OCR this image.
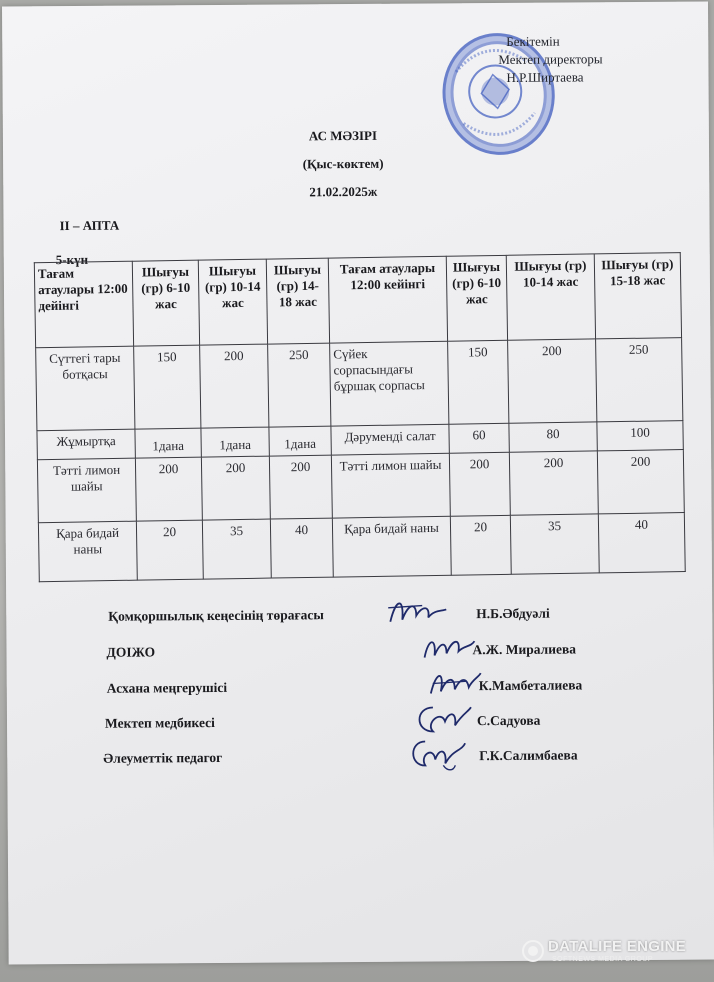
Бекітемін
Мектеп директоры
Н.Р.Ширтаева
АС МӘЗІРІ
(Қыс-көктем)
21.02.2025ж
II – АПТА
5-күн
Тағам атаулары 12:00 дейінгі	Шығуы (гр) 6-10 жас	Шығуы (гр) 10-14 жас	Шығуы (гр) 14-18 жас	Тағам атаулары 12:00 кейінгі	Шығуы (гр) 6-10 жас	Шығуы (гр) 10-14 жас	Шығуы (гр) 15-18 жас
Сүттегі тары ботқасы	150	200	250	Сүйек сорпасындағы бұршақ сорпасы	150	200	250
Жұмыртқа	1дана	1дана	1дана	Дәрумендi салат	60	80	100
Тәтті лимон шайы	200	200	200	Тәтті лимон шайы	200	200	200
Қара бидай наны	20	35	40	Қара бидай наны	20	35	40
Қомқоршылық кеңесінің төрағасы	Н.Б.Әбдуәлі
ДОІЖО	А.Ж. Миралиева
Асхана меңгерушісі	К.Мамбеталиева
Мектеп медбикесі	С.Садуова
Әлеуметтік педагог	Г.К.Салимбаева
DATALIFE ENGINE
SOFTNEWS MEDIA GROUP
